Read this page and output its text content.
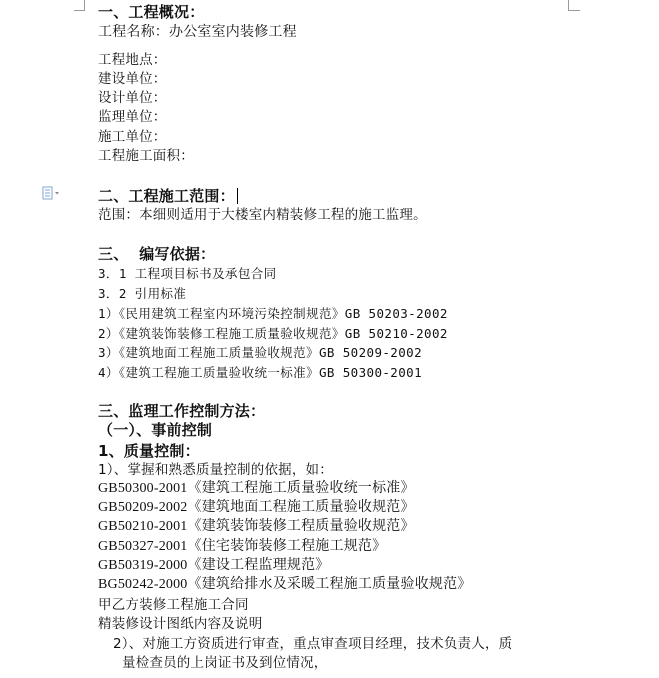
一、工程概况：
工程名称：办公室室内装修工程
工程地点：
建设单位：
设计单位：
监理单位：
施工单位：
工程施工面积：
二、工程施工范围：
范围：本细则适用于大楼室内精装修工程的施工监理。
三、  编写依据：
3．1 工程项目标书及承包合同
3．2 引用标准
1）《民用建筑工程室内环境污染控制规范》GB 50203-2002
2）《建筑装饰装修工程施工质量验收规范》GB 50210-2002
3）《建筑地面工程施工质量验收规范》GB 50209-2002
4）《建筑工程施工质量验收统一标准》GB 50300-2001
三、监理工作控制方法：
（一）、事前控制
1、质量控制：
1）、掌握和熟悉质量控制的依据，如：
GB50300-2001《建筑工程施工质量验收统一标准》
GB50209-2002《建筑地面工程施工质量验收规范》
GB50210-2001《建筑装饰装修工程质量验收规范》
GB50327-2001《住宅装饰装修工程施工规范》
GB50319-2000《建设工程监理规范》
BG50242-2000《建筑给排水及采暖工程施工质量验收规范》
甲乙方装修工程施工合同
精装修设计图纸内容及说明
2）、对施工方资质进行审查，重点审查项目经理，技术负责人，质
量检查员的上岗证书及到位情况，
